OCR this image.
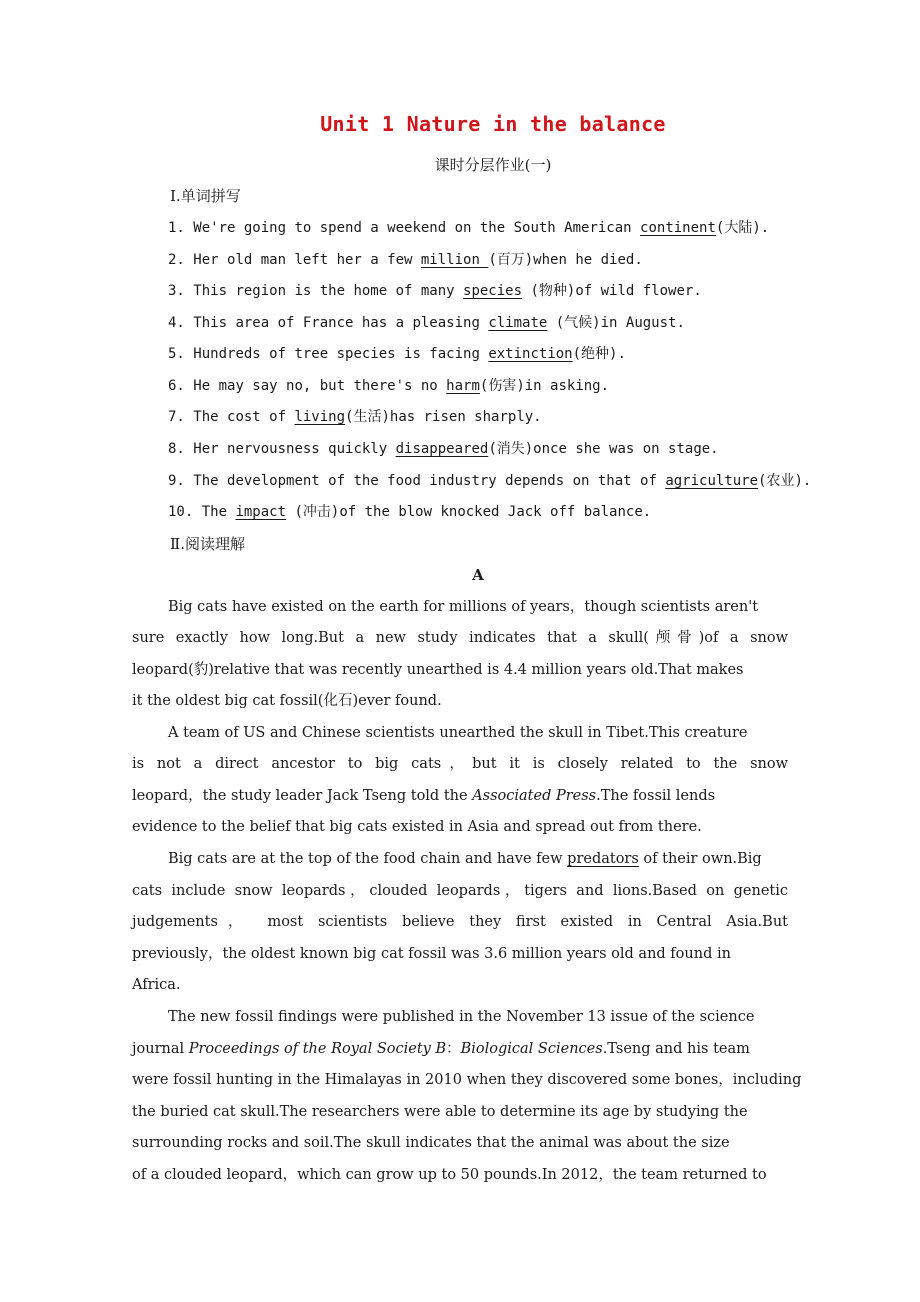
Unit 1 Nature in the balance
课时分层作业(一)
Ⅰ.单词拼写
1. We're going to spend a weekend on the South American continent(大陆).
2. Her old man left her a few million (百万)when he died.
3. This region is the home of many species (物种)of wild flower.
4. This area of France has a pleasing climate (气候)in August.
5. Hundreds of tree species is facing extinction(绝种).
6. He may say no, but there's no harm(伤害)in asking.
7. The cost of living(生活)has risen sharply.
8. Her nervousness quickly disappeared(消失)once she was on stage.
9. The development of the food industry depends on that of agriculture(农业).
10. The impact (冲击)of the blow knocked Jack off balance.
Ⅱ.阅读理解
A
Big cats have existed on the earth for millions of years，though scientists aren't
sure exactly how long.But a new study indicates that a skull(颅骨)of a snow
leopard(豹)relative that was recently unearthed is 4.4 million years old.That makes
it the oldest big cat fossil(化石)ever found.
A team of US and Chinese scientists unearthed the skull in Tibet.This creature
is not a direct ancestor to big cats，but it is closely related to the snow
leopard，the study leader Jack Tseng told the Associated Press.The fossil lends
evidence to the belief that big cats existed in Asia and spread out from there.
Big cats are at the top of the food chain and have few predators of their own.Big
cats include snow leopards，clouded leopards，tigers and lions.Based on genetic
judgements， most scientists believe they first existed in Central Asia.But
previously，the oldest known big cat fossil was 3.6 million years old and found in
Africa.
The new fossil findings were published in the November 13 issue of the science
journal Proceedings of the Royal Society B：Biological Sciences.Tseng and his team
were fossil hunting in the Himalayas in 2010 when they discovered some bones，including
the buried cat skull.The researchers were able to determine its age by studying the
surrounding rocks and soil.The skull indicates that the animal was about the size
of a clouded leopard，which can grow up to 50 pounds.In 2012，the team returned to
